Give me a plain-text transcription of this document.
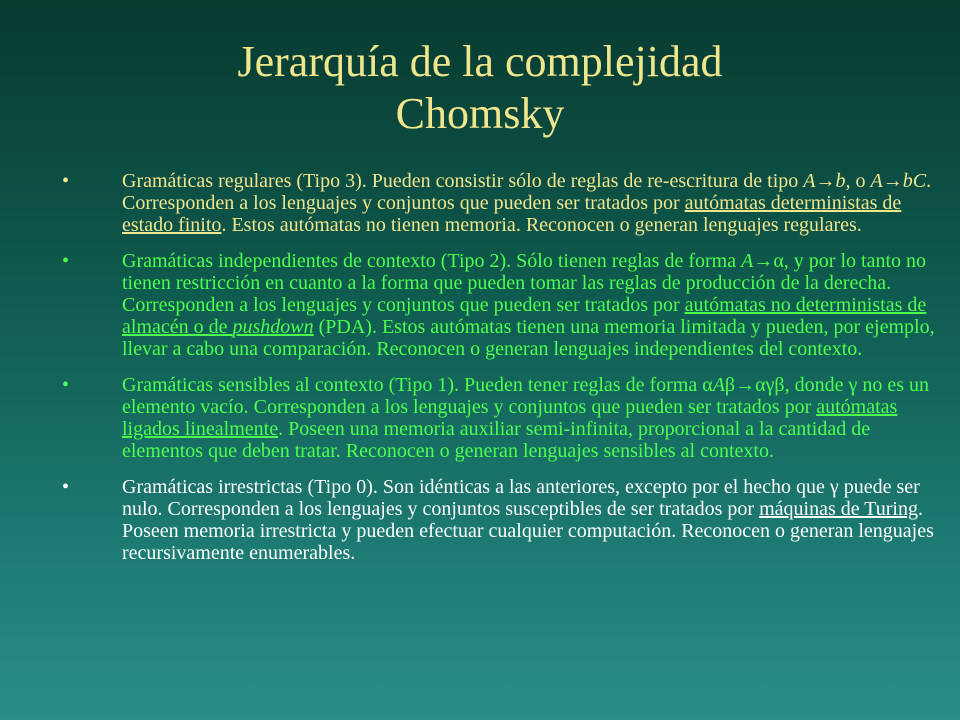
Jerarquía de la complejidad
Chomsky
•	Gramáticas regulares (Tipo 3). Pueden consistir sólo de reglas de re-escritura de tipo A→b, o A→bC. Corresponden a los lenguajes y conjuntos que pueden ser tratados por autómatas deterministas de estado finito. Estos autómatas no tienen memoria. Reconocen o generan lenguajes regulares.
•	Gramáticas independientes de contexto (Tipo 2). Sólo tienen reglas de forma A→α, y por lo tanto no tienen restricción en cuanto a la forma que pueden tomar las reglas de producción de la derecha. Corresponden a los lenguajes y conjuntos que pueden ser tratados por autómatas no deterministas de almacén o de pushdown (PDA). Estos autómatas tienen una memoria limitada y pueden, por ejemplo, llevar a cabo una comparación. Reconocen o generan lenguajes independientes del contexto.
•	Gramáticas sensibles al contexto (Tipo 1). Pueden tener reglas de forma αAβ→αγβ, donde γ no es un elemento vacío. Corresponden a los lenguajes y conjuntos que pueden ser tratados por autómatas ligados linealmente. Poseen una memoria auxiliar semi-infinita, proporcional a la cantidad de elementos que deben tratar. Reconocen o generan lenguajes sensibles al contexto.
•	Gramáticas irrestrictas (Tipo 0). Son idénticas a las anteriores, excepto por el hecho que γ puede ser nulo. Corresponden a los lenguajes y conjuntos susceptibles de ser tratados por máquinas de Turing. Poseen memoria irrestricta y pueden efectuar cualquier computación. Reconocen o generan lenguajes recursivamente enumerables.
